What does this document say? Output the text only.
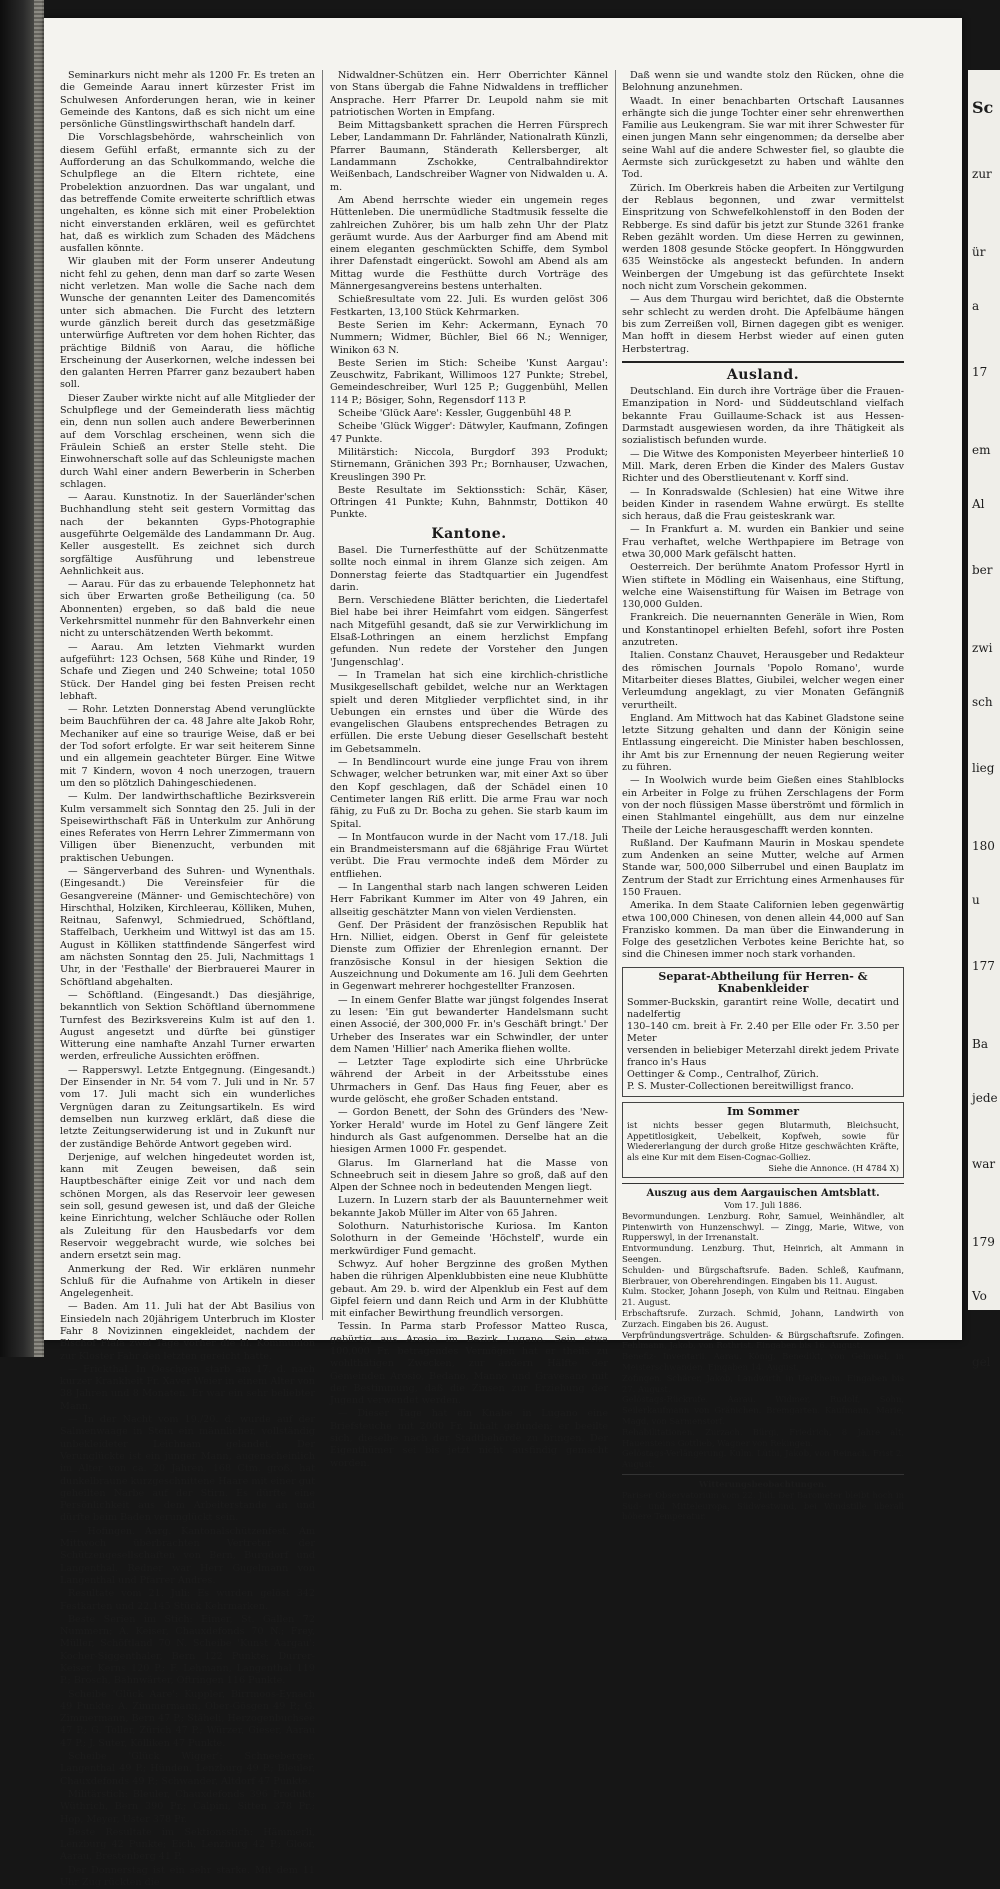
Seminarkurs nicht mehr als 1200 Fr. Es treten an die Gemeinde Aarau innert kürzester Frist im Schulwesen Anforderungen heran, wie in keiner Gemeinde des Kantons, daß es sich nicht um eine persönliche Günstlingswirthschaft handeln darf.

Die Vorschlagsbehörde, wahrscheinlich von diesem Gefühl erfaßt, ermannte sich zu der Aufforderung an das Schulkommando, welche die Schulpflege an die Eltern richtete, eine Probelektion anzuordnen. Das war ungalant, und das betreffende Comite erweiterte schriftlich etwas ungehalten, es könne sich mit einer Probelektion nicht einverstanden erklären, weil es gefürchtet hat, daß es wirklich zum Schaden des Mädchens ausfallen könnte.

Wir glauben mit der Form unserer Andeutung nicht fehl zu gehen, denn man darf so zarte Wesen nicht verletzen. Man wolle die Sache nach dem Wunsche der genannten Leiter des Damencomités unter sich abmachen. Die Furcht des letztern wurde gänzlich bereit durch das gesetzmäßige unterwürfige Auftreten vor dem hohen Richter, das prächtige Bildniß von Aarau, die höfliche Erscheinung der Auserkornen, welche indessen bei den galanten Herren Pfarrer ganz bezaubert haben soll.

Dieser Zauber wirkte nicht auf alle Mitglieder der Schulpflege und der Gemeinderath liess mächtig ein, denn nun sollen auch andere Bewerberinnen auf dem Vorschlag erscheinen, wenn sich die Fräulein Schieß an erster Stelle steht. Die Einwohnerschaft solle auf das Schleunigste machen durch Wahl einer andern Bewerberin in Scherben schlagen.

— Aarau. Kunstnotiz. In der Sauerländer'schen Buchhandlung steht seit gestern Vormittag das nach der bekannten Gyps-Photographie ausgeführte Oelgemälde des Landammann Dr. Aug. Keller ausgestellt. Es zeichnet sich durch sorgfältige Ausführung und lebenstreue Aehnlichkeit aus.

— Aarau. Für das zu erbauende Telephonnetz hat sich über Erwarten große Betheiligung (ca. 50 Abonnenten) ergeben, so daß bald die neue Verkehrsmittel nunmehr für den Bahnverkehr einen nicht zu unterschätzenden Werth bekommt.

— Aarau. Am letzten Viehmarkt wurden aufgeführt: 123 Ochsen, 568 Kühe und Rinder, 19 Schafe und Ziegen und 240 Schweine; total 1050 Stück. Der Handel ging bei festen Preisen recht lebhaft.

— Rohr. Letzten Donnerstag Abend verunglückte beim Bauchführen der ca. 48 Jahre alte Jakob Rohr, Mechaniker auf eine so traurige Weise, daß er bei der Tod sofort erfolgte. Er war seit heiterem Sinne und ein allgemein geachteter Bürger. Eine Witwe mit 7 Kindern, wovon 4 noch unerzogen, trauern um den so plötzlich Dahingeschiedenen.

— Kulm. Der landwirthschaftliche Bezirksverein Kulm versammelt sich Sonntag den 25. Juli in der Speisewirthschaft Fäß in Unterkulm zur Anhörung eines Referates von Herrn Lehrer Zimmermann von Villigen über Bienenzucht, verbunden mit praktischen Uebungen.

— Sängerverband des Suhren- und Wynenthals. (Eingesandt.) Die Vereinsfeier für die Gesangvereine (Männer- und Gemischtechöre) von Hirschthal, Holziken, Kirchleerau, Kölliken, Muhen, Reitnau, Safenwyl, Schmiedrued, Schöftland, Staffelbach, Uerkheim und Wittwyl ist das am 15. August in Kölliken stattfindende Sängerfest wird am nächsten Sonntag den 25. Juli, Nachmittags 1 Uhr, in der 'Festhalle' der Bierbrauerei Maurer in Schöftland abgehalten.

— Schöftland. (Eingesandt.) Das diesjährige, bekanntlich von Sektion Schöftland übernommene Turnfest des Bezirksvereins Kulm ist auf den 1. August angesetzt und dürfte bei günstiger Witterung eine namhafte Anzahl Turner erwarten werden, erfreuliche Aussichten eröffnen.

— Rapperswyl. Letzte Entgegnung. (Eingesandt.) Der Einsender in Nr. 54 vom 7. Juli und in Nr. 57 vom 17. Juli macht sich ein wunderliches Vergnügen daran zu Zeitungsartikeln. Es wird demselben nun kurzweg erklärt, daß diese die letzte Zeitungserwiderung ist und in Zukunft nur der zuständige Behörde Antwort gegeben wird.

Derjenige, auf welchen hingedeutet worden ist, kann mit Zeugen beweisen, daß sein Hauptbeschäfter einige Zeit vor und nach dem schönen Morgen, als das Reservoir leer gewesen sein soll, gesund gewesen ist, und daß der Gleiche keine Einrichtung, welcher Schläuche oder Rollen als Zuleitung für den Hausbedarfs vor dem Reservoir weggebracht wurde, wie solches bei andern ersetzt sein mag.

Anmerkung der Red. Wir erklären nunmehr Schluß für die Aufnahme von Artikeln in dieser Angelegenheit.

— Baden. Am 11. Juli hat der Abt Basilius von Einsiedeln nach 20jährigem Unterbruch im Kloster Fahr 8 Novizinnen eingekleidet, nachdem der Bischof Fiala zwei Tage vorher die hl. Kommunion zur Kloster Fahr den letzten gereicht hatte.

— Frickthal. In Oeschgen starb am 17. d. nach kurzer Krankheit Fr. Xaver Weier in einem Alter von 38 Jahren und 8 Monaten. Er war ein sehr beliebter Mann.

— In der Nacht vom 19./20. d. wurde auf der Salmenwaage in Stein ein männlicher, vollständig unbekleideter Leichnam gelandet. Der Verunglückte ist ein junger Mann, augenscheinlich im Alter von ca. 20 Jahren, 168 Ctm. groß, hat dunkelbraune kurzgeschnittene Haare mit einer gut geheilten Narbe auf der Stirn. Es dürfte eine Persönlichkeit aus dem Arbeiterstande an und dürfte beim Baden verunglückt sein.

— Hofingen. Aarg. Kantonalschützenfest. Am Mittwoch überbrachten Vertreter der Schützengesellschaften von Bern, Burgdorf und Langenthal. Redner war Herr Gugelmann von Langenthal und Pfarrer Andres.

Resultate vom 21. Juli: Es wurden gelöst 342 Festkarten und 22,145 Stück Kehrmarken.

Beste Serien im Stich: Eimer, St. Gallen 72 Nummern; A. Keiser, Chauxdefonds 70 N.; Frey, Müller, Schöftland 70 N. Scheibe 'Kunst Aargau': Kocher-Siggenthaler, Bern 122 Punkte; Durrer-Keiser, Kerns 120 P.; F. Lehmann, Langenthal 119 P.; Brosch, Bahnwärter, Oftringen 116 Punkte.

Scheibe 'Glück Aare': Kuppler, Birrmoos-Eynach 49 Punkte; A. Zimmermann, Ober-Gösgen 49 P.; G. Zimmermann, Bern 47 P.; Stäheli, Herzogenbuchsee 47 P.; G. Toller, Zürich 47 P.; Würzer, Gieser, Aarau 47 P.; J. Suter, Kölliken 47 Punkte.

Scheibe 'Glück Wigger': Schneeberger, Langenthal 49 P.; Hünden, Lenzburg 49 P.; Bleuler, Chauxdefonds 49 P.; Schwander, Altdorf 47 Punkte.

Militärstich: Bleuler, Chauxdefonds 396 Produkt; Wüthrich, Bern 390 Pr.; Calpini, Sitten 378 Pr.; Hop, Meyer, Uster 378 Pr.

Beste Resultate im Sektionsstich: Hämmerli, Lenzburg 42 Punkte; Eich, Lenzburg 42 P.; Gloor, Aarau, Brestenberg 41 P.

Der Donnerstag ist ein sehr starke. Mit dem 11 Uhr Zug rückten die

Nidwaldner-Schützen ein. Herr Oberrichter Kännel von Stans übergab die Fahne Nidwaldens in trefflicher Ansprache. Herr Pfarrer Dr. Leupold nahm sie mit patriotischen Worten in Empfang.

Beim Mittagsbankett sprachen die Herren Fürsprech Leber, Landammann Dr. Fahrländer, Nationalrath Künzli, Pfarrer Baumann, Ständerath Kellersberger, alt Landammann Zschokke, Centralbahndirektor Weißenbach, Landschreiber Wagner von Nidwalden u. A. m.

Am Abend herrschte wieder ein ungemein reges Hüttenleben. Die unermüdliche Stadtmusik fesselte die zahlreichen Zuhörer, bis um halb zehn Uhr der Platz geräumt wurde. Aus der Aarburger find am Abend mit einem eleganten geschmückten Schiffe, dem Symbol ihrer Dafenstadt eingerückt. Sowohl am Abend als am Mittag wurde die Festhütte durch Vorträge des Männergesangvereins bestens unterhalten.

Schießresultate vom 22. Juli. Es wurden gelöst 306 Festkarten, 13,100 Stück Kehrmarken.

Beste Serien im Kehr: Ackermann, Eynach 70 Nummern; Widmer, Büchler, Biel 66 N.; Wenniger, Winikon 63 N.

Beste Serien im Stich: Scheibe 'Kunst Aargau': Zeuschwitz, Fabrikant, Willimoos 127 Punkte; Strebel, Gemeindeschreiber, Wurl 125 P.; Guggenbühl, Mellen 114 P.; Bösiger, Sohn, Regensdorf 113 P.

Scheibe 'Glück Aare': Kessler, Guggenbühl 48 P.

Scheibe 'Glück Wigger': Dätwyler, Kaufmann, Zofingen 47 Punkte.

Militärstich: Niccola, Burgdorf 393 Produkt; Stirnemann, Gränichen 393 Pr.; Bornhauser, Uzwachen, Kreuslingen 390 Pr.

Beste Resultate im Sektionsstich: Schär, Käser, Oftringen 41 Punkte; Kuhn, Bahnmstr, Dottikon 40 Punkte.

Kantone.

Basel. Die Turnerfesthütte auf der Schützenmatte sollte noch einmal in ihrem Glanze sich zeigen. Am Donnerstag feierte das Stadtquartier ein Jugendfest darin.

Bern. Verschiedene Blätter berichten, die Liedertafel Biel habe bei ihrer Heimfahrt vom eidgen. Sängerfest nach Mitgefühl gesandt, daß sie zur Verwirklichung im Elsaß-Lothringen an einem herzlichst Empfang gefunden. Nun redete der Vorsteher den Jungen 'Jungenschlag'.

— In Tramelan hat sich eine kirchlich-christliche Musikgesellschaft gebildet, welche nur an Werktagen spielt und deren Mitglieder verpflichtet sind, in ihr Uebungen ein ernstes und über die Würde des evangelischen Glaubens entsprechendes Betragen zu erfüllen. Die erste Uebung dieser Gesellschaft besteht im Gebetsammeln.

— In Bendlincourt wurde eine junge Frau von ihrem Schwager, welcher betrunken war, mit einer Axt so über den Kopf geschlagen, daß der Schädel einen 10 Centimeter langen Riß erlitt. Die arme Frau war noch fähig, zu Fuß zu Dr. Bocha zu gehen. Sie starb kaum im Spital.

— In Montfaucon wurde in der Nacht vom 17./18. Juli ein Brandmeistersmann auf die 68jährige Frau Würtet verübt. Die Frau vermochte indeß dem Mörder zu entfliehen.

— In Langenthal starb nach langen schweren Leiden Herr Fabrikant Kummer im Alter von 49 Jahren, ein allseitig geschätzter Mann von vielen Verdiensten.

Genf. Der Präsident der französischen Republik hat Hrn. Nilliet, eidgen. Oberst in Genf für geleistete Dienste zum Offizier der Ehrenlegion ernannt. Der französische Konsul in der hiesigen Sektion die Auszeichnung und Dokumente am 16. Juli dem Geehrten in Gegenwart mehrerer hochgestellter Franzosen.

— In einem Genfer Blatte war jüngst folgendes Inserat zu lesen: 'Ein gut bewanderter Handelsmann sucht einen Associé, der 300,000 Fr. in's Geschäft bringt.' Der Urheber des Inserates war ein Schwindler, der unter dem Namen 'Hillier' nach Amerika fliehen wollte.

— Letzter Tage explodirte sich eine Uhrbrücke während der Arbeit in der Arbeitsstube eines Uhrmachers in Genf. Das Haus fing Feuer, aber es wurde gelöscht, ehe großer Schaden entstand.

— Gordon Benett, der Sohn des Gründers des 'New-Yorker Herald' wurde im Hotel zu Genf längere Zeit hindurch als Gast aufgenommen. Derselbe hat an die hiesigen Armen 1000 Fr. gespendet.

Glarus. Im Glarnerland hat die Masse von Schneebruch seit in diesem Jahre so groß, daß auf den Alpen der Schnee noch in bedeutenden Mengen liegt.

Luzern. In Luzern starb der als Bauunternehmer weit bekannte Jakob Müller im Alter von 65 Jahren.

Solothurn. Naturhistorische Kuriosa. Im Kanton Solothurn in der Gemeinde 'Höchstelf', wurde ein merkwürdiger Fund gemacht.

Schwyz. Auf hoher Bergzinne des großen Mythen haben die rührigen Alpenklubbisten eine neue Klubhütte gebaut. Am 29. b. wird der Alpenklub ein Fest auf dem Gipfel feiern und dann Reich und Arm in der Klubhütte mit einfacher Bewirthung freundlich versorgen.

Tessin. In Parma starb Professor Matteo Rusca, gebürtig aus Arosio im Bezirk Lugano. Sein etwa 100,000 Fr. betragendes Vermögen hat er theils zu wohlthätigen Zwecken, zur andern Hälfte der Gemeinden Arosio, Bedano, Manno und Gravesano mit der Bestimmung, daß die Zinsen zur Erziehung der Jugend verwendet werden.

— Dieser Tage hat ein Knabe in Lugano eine Briefsteuche mit 2000 Fr. Inhalt gefunden; er beeilte sich, dieselbe nach der Stadtbehörde zu bringen. Der Eigenthümer sei bis jetzt nicht ausfindig gemacht worden.

Daß wenn sie und wandte stolz den Rücken, ohne die Belohnung anzunehmen.

Waadt. In einer benachbarten Ortschaft Lausannes erhängte sich die junge Tochter einer sehr ehrenwerthen Familie aus Leukengram. Sie war mit ihrer Schwester für einen jungen Mann sehr eingenommen; da derselbe aber seine Wahl auf die andere Schwester fiel, so glaubte die Aermste sich zurückgesetzt zu haben und wählte den Tod.

Zürich. Im Oberkreis haben die Arbeiten zur Vertilgung der Reblaus begonnen, und zwar vermittelst Einspritzung von Schwefelkohlenstoff in den Boden der Rebberge. Es sind dafür bis jetzt zur Stunde 3261 franke Reben gezählt worden. Um diese Herren zu gewinnen, werden 1808 gesunde Stöcke geopfert. In Hönggwurden 635 Weinstöcke als angesteckt befunden. In andern Weinbergen der Umgebung ist das gefürchtete Insekt noch nicht zum Vorschein gekommen.

— Aus dem Thurgau wird berichtet, daß die Obsternte sehr schlecht zu werden droht. Die Apfelbäume hängen bis zum Zerreißen voll, Birnen dagegen gibt es weniger. Man hofft in diesem Herbst wieder auf einen guten Herbstertrag.

Ausland.

Deutschland. Ein durch ihre Vorträge über die Frauen-Emanzipation in Nord- und Süddeutschland vielfach bekannte Frau Guillaume-Schack ist aus Hessen-Darmstadt ausgewiesen worden, da ihre Thätigkeit als sozialistisch befunden wurde.

— Die Witwe des Komponisten Meyerbeer hinterließ 10 Mill. Mark, deren Erben die Kinder des Malers Gustav Richter und des Oberstlieutenant v. Korff sind.

— In Konradswalde (Schlesien) hat eine Witwe ihre beiden Kinder in rasendem Wahne erwürgt. Es stellte sich heraus, daß die Frau geisteskrank war.

— In Frankfurt a. M. wurden ein Bankier und seine Frau verhaftet, welche Werthpapiere im Betrage von etwa 30,000 Mark gefälscht hatten.

Oesterreich. Der berühmte Anatom Professor Hyrtl in Wien stiftete in Mödling ein Waisenhaus, eine Stiftung, welche eine Waisenstiftung für Waisen im Betrage von 130,000 Gulden.

Frankreich. Die neuernannten Generäle in Wien, Rom und Konstantinopel erhielten Befehl, sofort ihre Posten anzutreten.

Italien. Constanz Chauvet, Herausgeber und Redakteur des römischen Journals 'Popolo Romano', wurde Mitarbeiter dieses Blattes, Giubilei, welcher wegen einer Verleumdung angeklagt, zu vier Monaten Gefängniß verurtheilt.

England. Am Mittwoch hat das Kabinet Gladstone seine letzte Sitzung gehalten und dann der Königin seine Entlassung eingereicht. Die Minister haben beschlossen, ihr Amt bis zur Ernennung der neuen Regierung weiter zu führen.

— In Woolwich wurde beim Gießen eines Stahlblocks ein Arbeiter in Folge zu frühen Zerschlagens der Form von der noch flüssigen Masse überströmt und förmlich in einen Stahlmantel eingehüllt, aus dem nur einzelne Theile der Leiche herausgeschafft werden konnten.

Rußland. Der Kaufmann Maurin in Moskau spendete zum Andenken an seine Mutter, welche auf Armen Stande war, 500,000 Silberrubel und einen Bauplatz im Zentrum der Stadt zur Errichtung eines Armenhauses für 150 Frauen.

Amerika. In dem Staate Californien leben gegenwärtig etwa 100,000 Chinesen, von denen allein 44,000 auf San Franzisko kommen. Da man über die Einwanderung in Folge des gesetzlichen Verbotes keine Berichte hat, so sind die Chinesen immer noch stark vorhanden.

Separat-Abtheilung für Herren- & Knabenkleider
Sommer-Buckskin, garantirt reine Wolle, decatirt und nadelfertig
130–140 cm. breit à Fr. 2.40 per Elle oder Fr. 3.50 per Meter
versenden in beliebiger Meterzahl direkt jedem Private franco in's Haus
Oettinger & Comp., Centralhof, Zürich.
P. S. Muster-Collectionen bereitwilligst franco.
Im Sommer
ist nichts besser gegen Blutarmuth, Bleichsucht, Appetitlosigkeit, Uebelkeit, Kopfweh, sowie für Wiedererlangung der durch große Hitze geschwächten Kräfte, als eine Kur mit dem Eisen-Cognac-Golliez.
Siehe die Annonce. (H 4784 X)
Auszug aus dem Aargauischen Amtsblatt.
Vom 17. Juli 1886.
Bevormundungen. Lenzburg. Rohr, Samuel, Weinhändler, alt Pintenwirth von Hunzenschwyl. — Zingg, Marie, Witwe, von Rupperswyl, in der Irrenanstalt.
Entvormundung. Lenzburg. Thut, Heinrich, alt Ammann in Seengen.
Schulden- und Bürgschaftsrufe. Baden. Schleß, Kaufmann, Bierbrauer, von Oberehrendingen. Eingaben bis 11. August.
Kulm. Stocker, Johann Joseph, von Kulm und Reitnau. Eingaben 21. August.
Erbschaftsrufe. Zurzach. Schmid, Johann, Landwirth von Zurzach. Eingaben bis 26. August.
Verpfründungsverträge. Schulden- & Bürgschaftsrufe. Zofingen. Fehlmann, Jakob, von Rothrist. Eingaben bis 16. August.
Benefiz- Inventarii. Aarau. König, Benedikt, von Gelmuel, in Meisterschwanden. Eingaben 14. August.
Zofingen. Schärer, Jakob, Landwirth in Uerkheim. Eingaben bis 27. August.
Gelöstags-Rückrufe. Aarau. Widmer, Rudolf, Sohn, Seilerkaufmann von Gränichen. Bremgarten. Kaufmann, Marie, Magd, von Sarmenstorf.
Rehabilitationen. Zurzach. Bürgi, Friedrich, 8 Jahre alt, Hauensteins Gottlieb, Wagner von Rekingen.
Gelöstags-Verlängerung. Kulm. Lüthi, Jakob, von Reinach. Frist 2. August.
Witterungsbeobachtungen.
Pariser Observatorium vom 22. Juli. Der Barometer bleibt hoch in Süd- und Mitteleuropa. Südwestwind, bei Windstille überall höhere Temperatur.
Sc
zur
ür
a
17
em
Al
ber
zwi
sch
lieg
180
u
177
Ba
jede
war
179
Vo
gel
